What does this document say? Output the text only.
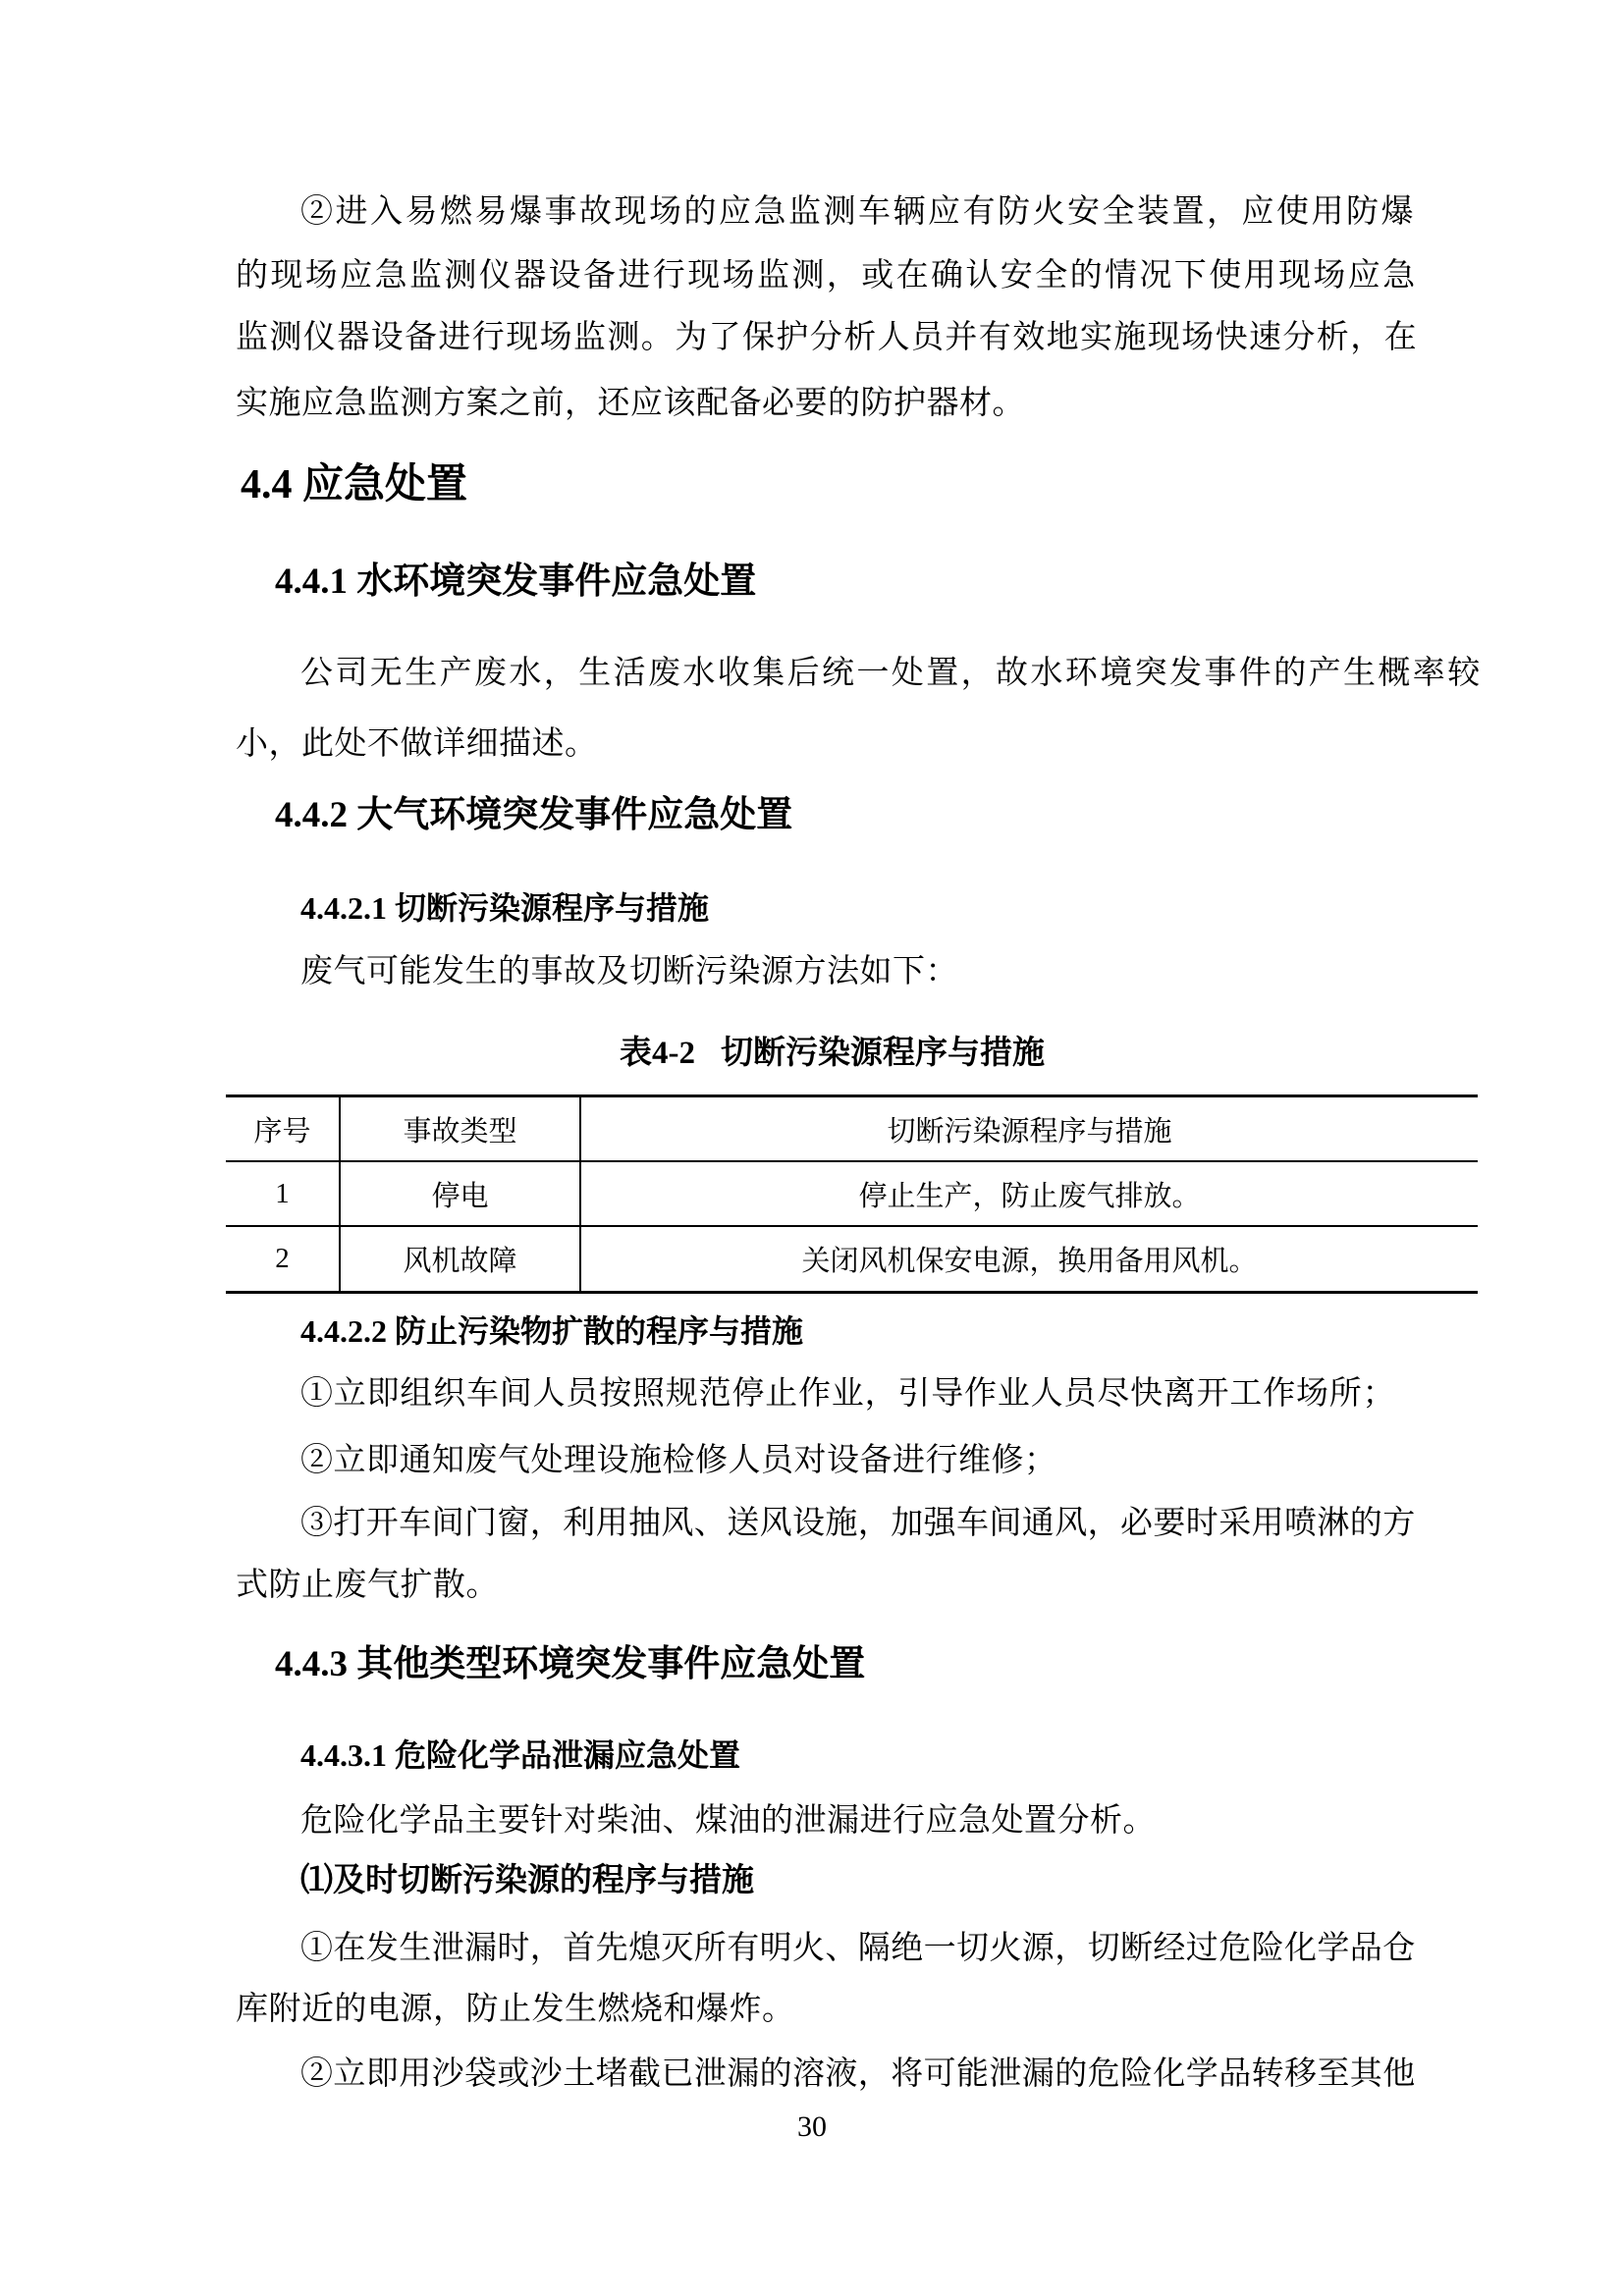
②进入易燃易爆事故现场的应急监测车辆应有防火安全装置，应使用防爆
的现场应急监测仪器设备进行现场监测，或在确认安全的情况下使用现场应急
监测仪器设备进行现场监测。为了保护分析人员并有效地实施现场快速分析，在
实施应急监测方案之前，还应该配备必要的防护器材。
4.4 应急处置
4.4.1 水环境突发事件应急处置
公司无生产废水，生活废水收集后统一处置，故水环境突发事件的产生概率较
小，此处不做详细描述。
4.4.2 大气环境突发事件应急处置
4.4.2.1 切断污染源程序与措施
废气可能发生的事故及切断污染源方法如下：
表4-2 切断污染源程序与措施
序号	事故类型	切断污染源程序与措施
1	停电	停止生产，防止废气排放。
2	风机故障	关闭风机保安电源，换用备用风机。
4.4.2.2 防止污染物扩散的程序与措施
①立即组织车间人员按照规范停止作业，引导作业人员尽快离开工作场所；
②立即通知废气处理设施检修人员对设备进行维修；
③打开车间门窗，利用抽风、送风设施，加强车间通风，必要时采用喷淋的方
式防止废气扩散。
4.4.3 其他类型环境突发事件应急处置
4.4.3.1 危险化学品泄漏应急处置
危险化学品主要针对柴油、煤油的泄漏进行应急处置分析。
⑴及时切断污染源的程序与措施
①在发生泄漏时，首先熄灭所有明火、隔绝一切火源，切断经过危险化学品仓
库附近的电源，防止发生燃烧和爆炸。
②立即用沙袋或沙土堵截已泄漏的溶液，将可能泄漏的危险化学品转移至其他
30
